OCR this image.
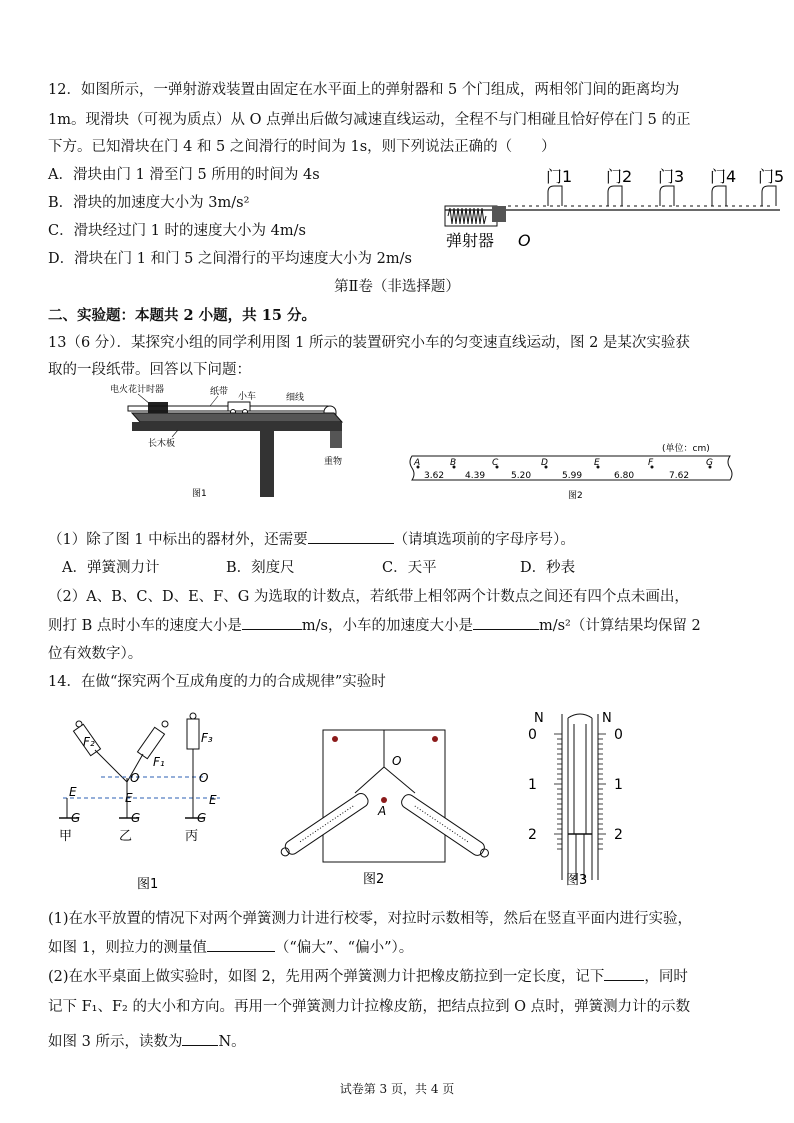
12．如图所示，一弹射游戏装置由固定在水平面上的弹射器和 5 个门组成，两相邻门间的距离均为
1m。现滑块（可视为质点）从 O 点弹出后做匀减速直线运动，全程不与门相碰且恰好停在门 5 的正
下方。已知滑块在门 4 和 5 之间滑行的时间为 1s，则下列说法正确的（　　）
A．滑块由门 1 滑至门 5 所用的时间为 4s
B．滑块的加速度大小为 3m/s²
C．滑块经过门 1 时的速度大小为 4m/s
D．滑块在门 1 和门 5 之间滑行的平均速度大小为 2m/s
门1 门2 门3 门4 门5
弹射器 O
第Ⅱ卷（非选择题）
二、实验题：本题共 2 小题，共 15 分。
13（6 分）．某探究小组的同学利用图 1 所示的装置研究小车的匀变速直线运动，图 2 是某次实验获
取的一段纸带。回答以下问题：
电火花计时器	纸带 小车	细线
重物
长木板
图1
(单位：cm)
A	B	C	D	E	F	G
3.62 4.39	5.20	5.99	6.80	7.62
图2
（1）除了图 1 中标出的器材外，还需要	（请填选项前的字母序号）。
A．弹簧测力计	B．刻度尺	C．天平	D．秒表
（2）A、B、C、D、E、F、G 为选取的计数点，若纸带上相邻两个计数点之间还有四个点未画出，
则打 B 点时小车的速度大小是	m/s，小车的加速度大小是	m/s²（计算结果均保留 2
位有效数字）。
14．在做“探究两个互成角度的力的合成规律”实验时
F₂
F₁
F₃
O	O
E	E	E
G	G	G
甲	乙	丙
图1
O
A
图2
N	N
0
1
2
0
1
2
图3
(1)在水平放置的情况下对两个弹簧测力计进行校零，对拉时示数相等，然后在竖直平面内进行实验，
如图 1，则拉力的测量值	（“偏大”、“偏小”）。
(2)在水平桌面上做实验时，如图 2，先用两个弹簧测力计把橡皮筋拉到一定长度，记下	，同时
记下 F₁、F₂ 的大小和方向。再用一个弹簧测力计拉橡皮筋，把结点拉到 O 点时，弹簧测力计的示数
如图 3 所示，读数为 N。
试卷第 3 页，共 4 页
